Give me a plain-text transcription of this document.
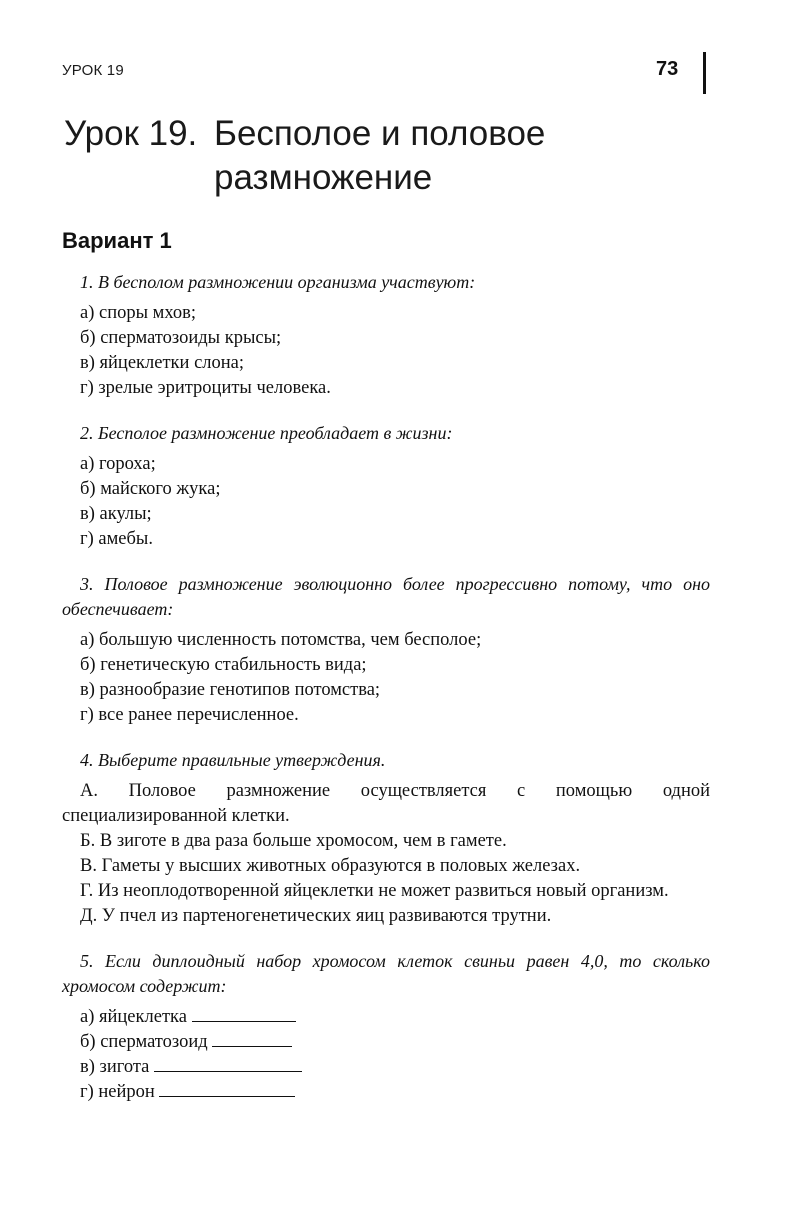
УРОК 19	73
Урок 19. Бесполое и половое размножение
Вариант 1
1. В бесполом размножении организма участвуют:
а) споры мхов;
б) сперматозоиды крысы;
в) яйцеклетки слона;
г) зрелые эритроциты человека.
2. Бесполое размножение преобладает в жизни:
а) гороха;
б) майского жука;
в) акулы;
г) амебы.
3. Половое размножение эволюционно более прогрессивно потому, что оно обеспечивает:
а) большую численность потомства, чем бесполое;
б) генетическую стабильность вида;
в) разнообразие генотипов потомства;
г) все ранее перечисленное.
4. Выберите правильные утверждения.
А. Половое размножение осуществляется с помощью одной специализированной клетки.
Б. В зиготе в два раза больше хромосом, чем в гамете.
В. Гаметы у высших животных образуются в половых железах.
Г. Из неоплодотворенной яйцеклетки не может развиться новый организм.
Д. У пчел из партеногенетических яиц развиваются трутни.
5. Если диплоидный набор хромосом клеток свиньи равен 4,0, то сколько хромосом содержит:
а) яйцеклетка
б) сперматозоид
в) зигота
г) нейрон
